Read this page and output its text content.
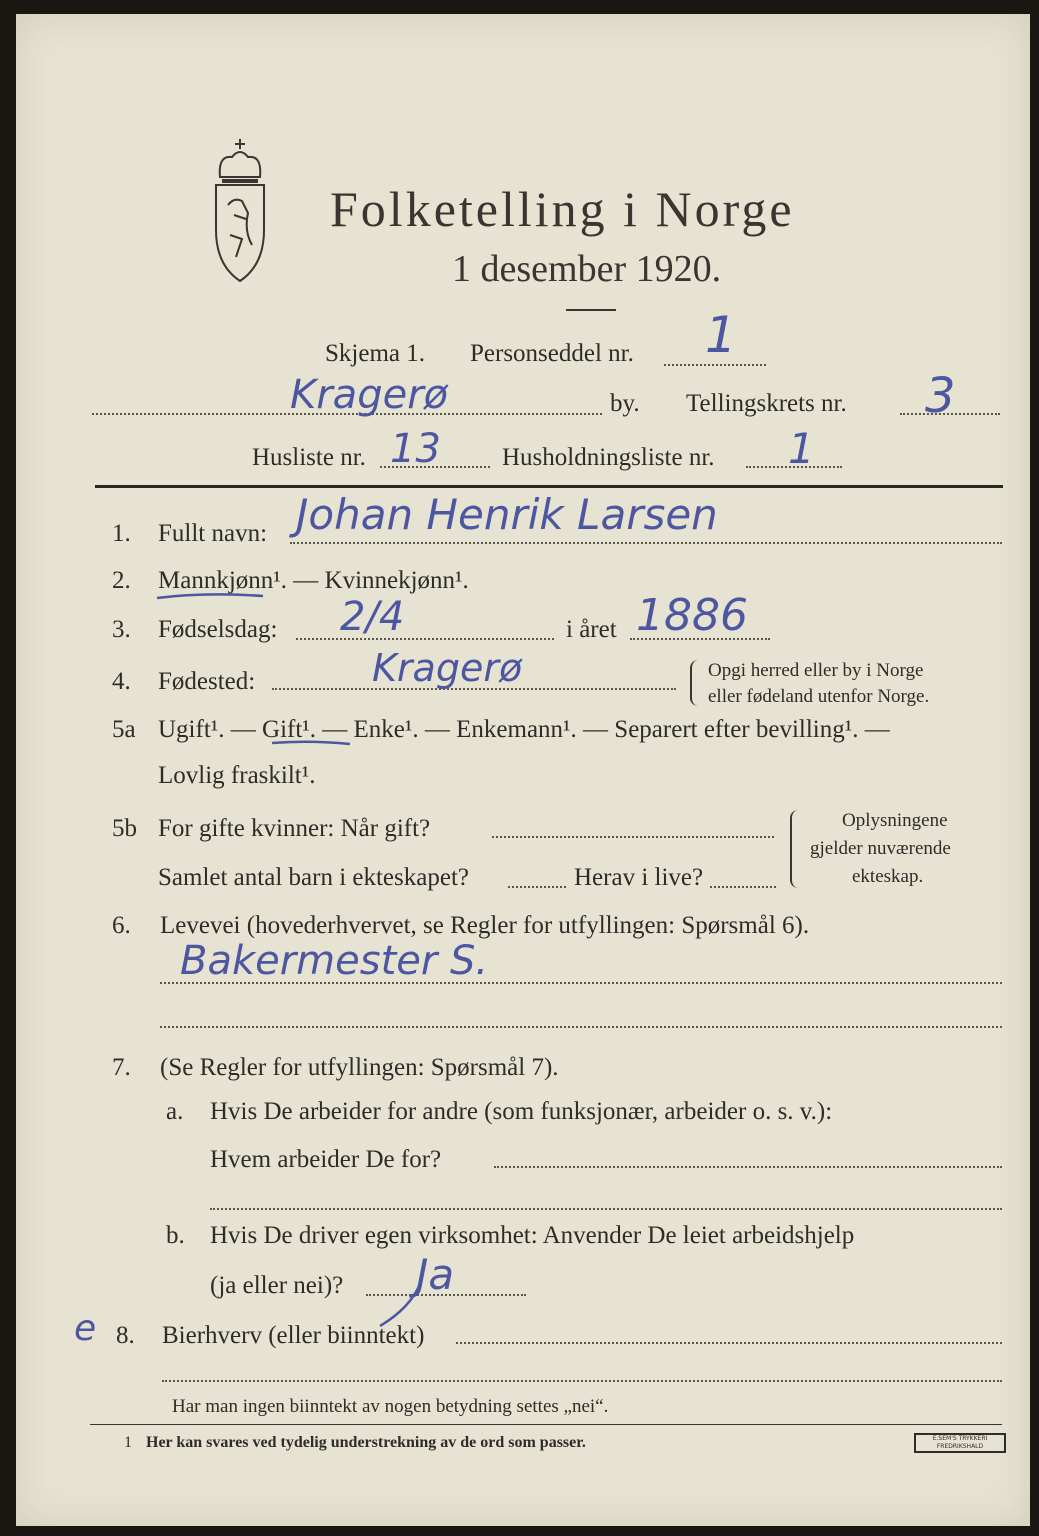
Folketelling i Norge
1 desember 1920.
Skjema 1. Personseddel nr. 1
Kragerø	by. Tellingskrets nr. 3
Husliste nr. 13 Husholdningsliste nr. 1
1. Fullt navn: Johan Henrik Larsen
2. Mannkjønn¹. — Kvinnekjønn¹.
3. Fødselsdag: 2/4	i året 1886
4. Fødested:	Kragerø	Opgi herred eller by i Norge
eller fødeland utenfor Norge.
5a Ugift¹. — Gift¹. — Enke¹. — Enkemann¹. — Separert efter bevilling¹. —
Lovlig fraskilt¹.
5b For gifte kvinner: Når gift?
Samlet antal barn i ekteskapet?	Herav i live?
Oplysningene
gjelder nuværende
ekteskap.
6. Levevei (hovederhvervet, se Regler for utfyllingen: Spørsmål 6).
Bakermester S.
7. (Se Regler for utfyllingen: Spørsmål 7).
a. Hvis De arbeider for andre (som funksjonær, arbeider o. s. v.):
Hvem arbeider De for?
b. Hvis De driver egen virksomhet: Anvender De leiet arbeidshjelp
(ja eller nei)? Ja
e 8. Bierhverv (eller biinntekt)
Har man ingen biinntekt av nogen betydning settes „nei“.
1 Her kan svares ved tydelig understrekning av de ord som passer.	E.SEM'S TRYKKERI FREDRIKSHALD
